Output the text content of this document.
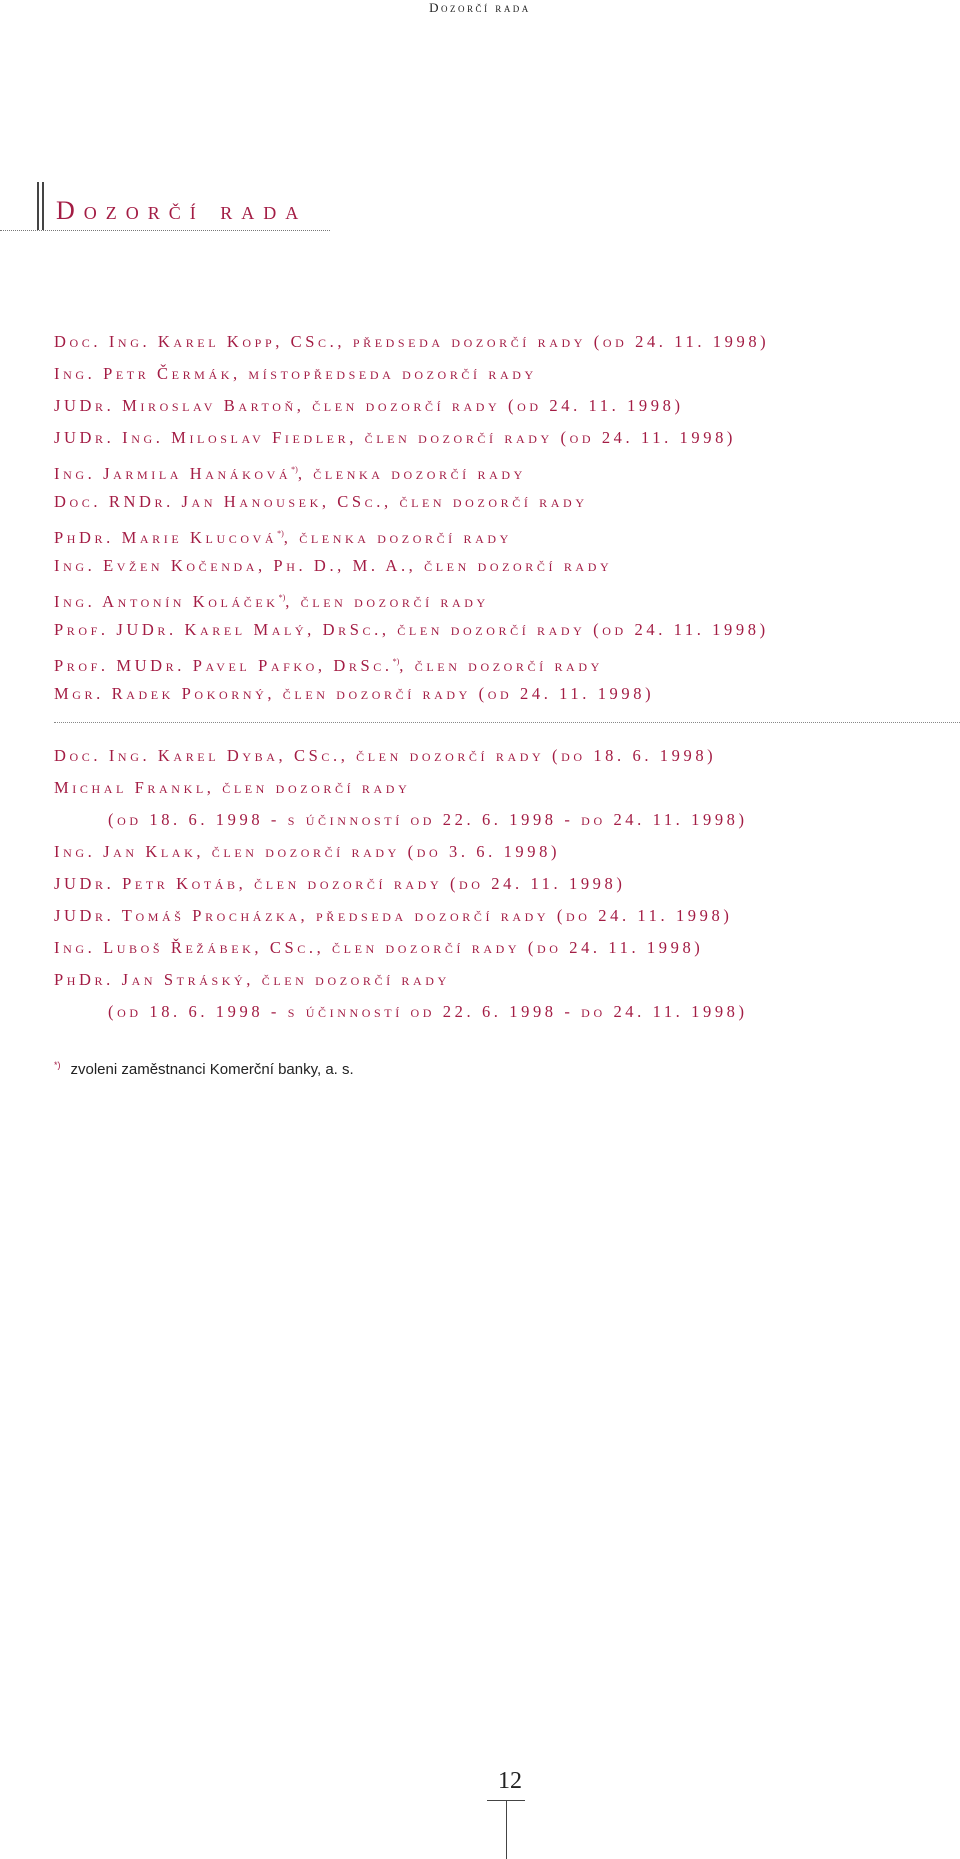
Dozorčí rada
Dozorčí rada
Doc. Ing. Karel Kopp, CSc., předseda dozorčí rady (od 24. 11. 1998)
Ing. Petr Čermák, místopředseda dozorčí rady
JUDr. Miroslav Bartoň, člen dozorčí rady (od 24. 11. 1998)
JUDr. Ing. Miloslav Fiedler, člen dozorčí rady (od 24. 11. 1998)
Ing. Jarmila Hanáková*), členka dozorčí rady
Doc. RNDr. Jan Hanousek, CSc., člen dozorčí rady
PhDr. Marie Klucová*), členka dozorčí rady
Ing. Evžen Kočenda, Ph. D., M. A., člen dozorčí rady
Ing. Antonín Koláček*), člen dozorčí rady
Prof. JUDr. Karel Malý, DrSc., člen dozorčí rady (od 24. 11. 1998)
Prof. MUDr. Pavel Pafko, DrSc.*), člen dozorčí rady
Mgr. Radek Pokorný, člen dozorčí rady (od 24. 11. 1998)
Doc. Ing. Karel Dyba, CSc., člen dozorčí rady (do 18. 6. 1998)
Michal Frankl, člen dozorčí rady
(od 18. 6. 1998 - s účinností od 22. 6. 1998 - do 24. 11. 1998)
Ing. Jan Klak, člen dozorčí rady (do 3. 6. 1998)
JUDr. Petr Kotáb, člen dozorčí rady (do 24. 11. 1998)
JUDr. Tomáš Procházka, předseda dozorčí rady (do 24. 11. 1998)
Ing. Luboš Řežábek, CSc., člen dozorčí rady (do 24. 11. 1998)
PhDr. Jan Stráský, člen dozorčí rady
(od 18. 6. 1998 - s účinností od 22. 6. 1998 - do 24. 11. 1998)
*) zvoleni zaměstnanci Komerční banky, a. s.
12
